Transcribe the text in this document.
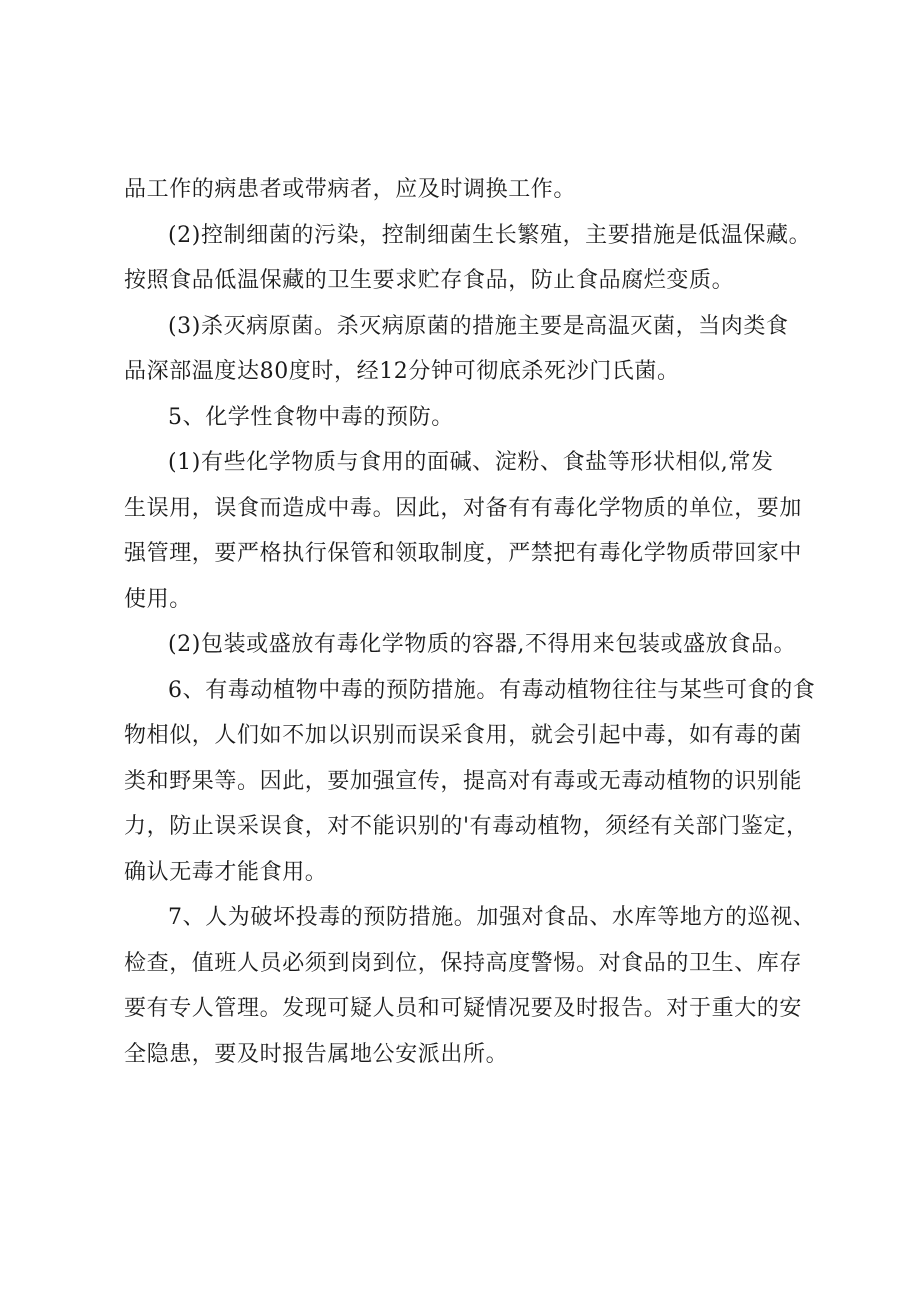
品工作的病患者或带病者，应及时调换工作。
(2)控制细菌的污染，控制细菌生长繁殖，主要措施是低温保藏。
按照食品低温保藏的卫生要求贮存食品，防止食品腐烂变质。
(3)杀灭病原菌。杀灭病原菌的措施主要是高温灭菌，当肉类食
品深部温度达80度时，经12分钟可彻底杀死沙门氏菌。
5、化学性食物中毒的预防。
(1)有些化学物质与食用的面碱、淀粉、食盐等形状相似,常发
生误用，误食而造成中毒。因此，对备有有毒化学物质的单位，要加
强管理，要严格执行保管和领取制度，严禁把有毒化学物质带回家中
使用。
(2)包装或盛放有毒化学物质的容器,不得用来包装或盛放食品。
6、有毒动植物中毒的预防措施。有毒动植物往往与某些可食的食
物相似，人们如不加以识别而误采食用，就会引起中毒，如有毒的菌
类和野果等。因此，要加强宣传，提高对有毒或无毒动植物的识别能
力，防止误采误食，对不能识别的'有毒动植物，须经有关部门鉴定，
确认无毒才能食用。
7、人为破坏投毒的预防措施。加强对食品、水库等地方的巡视、
检查，值班人员必须到岗到位，保持高度警惕。对食品的卫生、库存
要有专人管理。发现可疑人员和可疑情况要及时报告。对于重大的安
全隐患，要及时报告属地公安派出所。
